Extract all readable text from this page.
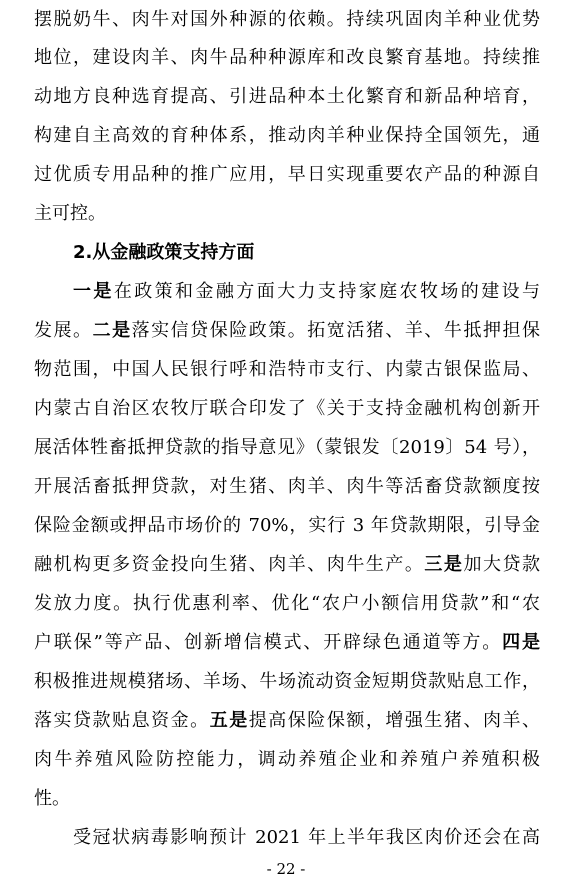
摆脱奶牛、肉牛对国外种源的依赖。持续巩固肉羊种业优势
地位，建设肉羊、肉牛品种种源库和改良繁育基地。持续推
动地方良种选育提高、引进品种本土化繁育和新品种培育，
构建自主高效的育种体系，推动肉羊种业保持全国领先，通
过优质专用品种的推广应用，早日实现重要农产品的种源自
主可控。
2.从金融政策支持方面
一是在政策和金融方面大力支持家庭农牧场的建设与
发展。二是落实信贷保险政策。拓宽活猪、羊、牛抵押担保
物范围，中国人民银行呼和浩特市支行、内蒙古银保监局、
内蒙古自治区农牧厅联合印发了《关于支持金融机构创新开
展活体牲畜抵押贷款的指导意见》（蒙银发〔2019〕54 号），
开展活畜抵押贷款，对生猪、肉羊、肉牛等活畜贷款额度按
保险金额或押品市场价的 70%，实行 3 年贷款期限，引导金
融机构更多资金投向生猪、肉羊、肉牛生产。三是加大贷款
发放力度。执行优惠利率、优化“农户小额信用贷款”和“农
户联保”等产品、创新增信模式、开辟绿色通道等方。四是
积极推进规模猪场、羊场、牛场流动资金短期贷款贴息工作，
落实贷款贴息资金。五是提高保险保额，增强生猪、肉羊、
肉牛养殖风险防控能力，调动养殖企业和养殖户养殖积极
性。
受冠状病毒影响预计 2021 年上半年我区肉价还会在高
- 22 -
